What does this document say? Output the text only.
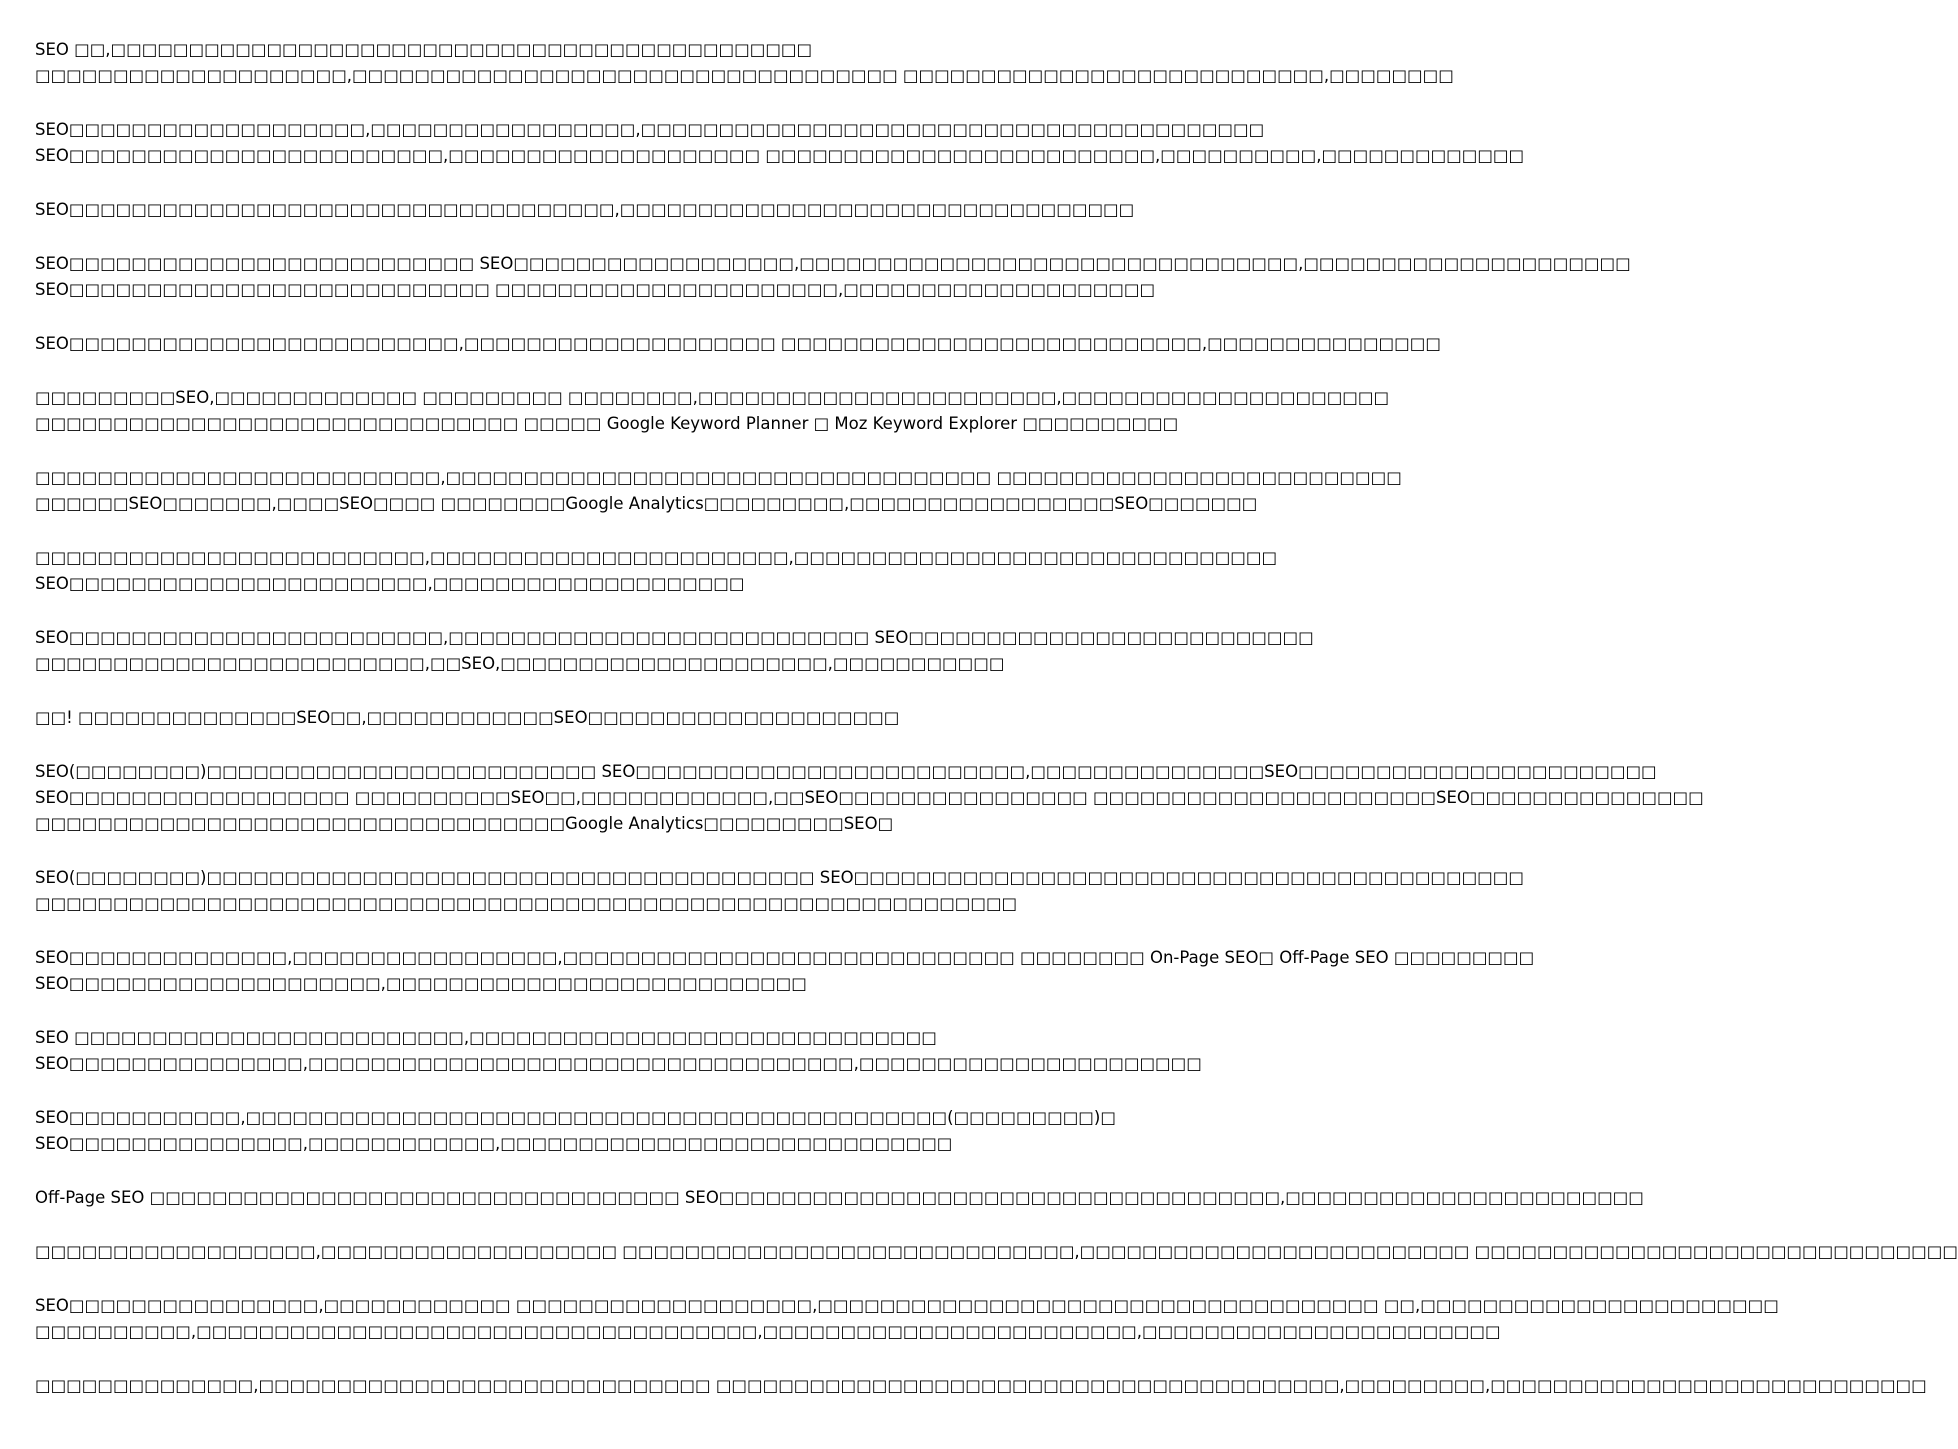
SEO □□,□□□□□□□□□□□□□□□□□□□□□□□□□□□□□□□□□□□□□□□□□□□□□
□□□□□□□□□□□□□□□□□□□□,□□□□□□□□□□□□□□□□□□□□□□□□□□□□□□□□□□□ □□□□□□□□□□□□□□□□□□□□□□□□□□□,□□□□□□□□
SEO□□□□□□□□□□□□□□□□□□□,□□□□□□□□□□□□□□□□□,□□□□□□□□□□□□□□□□□□□□□□□□□□□□□□□□□□□□□□□□
SEO□□□□□□□□□□□□□□□□□□□□□□□□,□□□□□□□□□□□□□□□□□□□□ □□□□□□□□□□□□□□□□□□□□□□□□□,□□□□□□□□□□,□□□□□□□□□□□□□
SEO□□□□□□□□□□□□□□□□□□□□□□□□□□□□□□□□□□□,□□□□□□□□□□□□□□□□□□□□□□□□□□□□□□□□□
SEO□□□□□□□□□□□□□□□□□□□□□□□□□□ SEO□□□□□□□□□□□□□□□□□□,□□□□□□□□□□□□□□□□□□□□□□□□□□□□□□□□,□□□□□□□□□□□□□□□□□□□□□
SEO□□□□□□□□□□□□□□□□□□□□□□□□□□□ □□□□□□□□□□□□□□□□□□□□□□,□□□□□□□□□□□□□□□□□□□□
SEO□□□□□□□□□□□□□□□□□□□□□□□□□,□□□□□□□□□□□□□□□□□□□□ □□□□□□□□□□□□□□□□□□□□□□□□□□□,□□□□□□□□□□□□□□□
□□□□□□□□□SEO,□□□□□□□□□□□□□ □□□□□□□□□ □□□□□□□□,□□□□□□□□□□□□□□□□□□□□□□□,□□□□□□□□□□□□□□□□□□□□□
□□□□□□□□□□□□□□□□□□□□□□□□□□□□□□□ □□□□□ Google Keyword Planner □ Moz Keyword Explorer □□□□□□□□□□
□□□□□□□□□□□□□□□□□□□□□□□□□□,□□□□□□□□□□□□□□□□□□□□□□□□□□□□□□□□□□□ □□□□□□□□□□□□□□□□□□□□□□□□□□
□□□□□□SEO□□□□□□□,□□□□SEO□□□□ □□□□□□□□Google Analytics□□□□□□□□□,□□□□□□□□□□□□□□□□□SEO□□□□□□□
□□□□□□□□□□□□□□□□□□□□□□□□□,□□□□□□□□□□□□□□□□□□□□□□□,□□□□□□□□□□□□□□□□□□□□□□□□□□□□□□□
SEO□□□□□□□□□□□□□□□□□□□□□□□,□□□□□□□□□□□□□□□□□□□□
SEO□□□□□□□□□□□□□□□□□□□□□□□□,□□□□□□□□□□□□□□□□□□□□□□□□□□□ SEO□□□□□□□□□□□□□□□□□□□□□□□□□□
□□□□□□□□□□□□□□□□□□□□□□□□□,□□SEO,□□□□□□□□□□□□□□□□□□□□□,□□□□□□□□□□□
□□! □□□□□□□□□□□□□□SEO□□,□□□□□□□□□□□□SEO□□□□□□□□□□□□□□□□□□□□
SEO(□□□□□□□□)□□□□□□□□□□□□□□□□□□□□□□□□□ SEO□□□□□□□□□□□□□□□□□□□□□□□□□,□□□□□□□□□□□□□□□SEO□□□□□□□□□□□□□□□□□□□□□□□
SEO□□□□□□□□□□□□□□□□□□ □□□□□□□□□□SEO□□,□□□□□□□□□□□□,□□SEO□□□□□□□□□□□□□□□□ □□□□□□□□□□□□□□□□□□□□□□SEO□□□□□□□□□□□□□□□
□□□□□□□□□□□□□□□□□□□□□□□□□□□□□□□□□□Google Analytics□□□□□□□□□SEO□
SEO(□□□□□□□□)□□□□□□□□□□□□□□□□□□□□□□□□□□□□□□□□□□□□□□□ SEO□□□□□□□□□□□□□□□□□□□□□□□□□□□□□□□□□□□□□□□□□□□
□□□□□□□□□□□□□□□□□□□□□□□□□□□□□□□□□□□□□□□□□□□□□□□□□□□□□□□□□□□□□□□
SEO□□□□□□□□□□□□□□,□□□□□□□□□□□□□□□□□,□□□□□□□□□□□□□□□□□□□□□□□□□□□□□ □□□□□□□□ On-Page SEO□ Off-Page SEO □□□□□□□□□
SEO□□□□□□□□□□□□□□□□□□□□,□□□□□□□□□□□□□□□□□□□□□□□□□□□
SEO □□□□□□□□□□□□□□□□□□□□□□□□□,□□□□□□□□□□□□□□□□□□□□□□□□□□□□□□
SEO□□□□□□□□□□□□□□□,□□□□□□□□□□□□□□□□□□□□□□□□□□□□□□□□□□□,□□□□□□□□□□□□□□□□□□□□□□
SEO□□□□□□□□□□□,□□□□□□□□□□□□□□□□□□□□□□□□□□□□□□□□□□□□□□□□□□□□□(□□□□□□□□□)□
SEO□□□□□□□□□□□□□□□,□□□□□□□□□□□□,□□□□□□□□□□□□□□□□□□□□□□□□□□□□□
Off-Page SEO □□□□□□□□□□□□□□□□□□□□□□□□□□□□□□□□□□ SEO□□□□□□□□□□□□□□□□□□□□□□□□□□□□□□□□□□□□,□□□□□□□□□□□□□□□□□□□□□□□
□□□□□□□□□□□□□□□□□□,□□□□□□□□□□□□□□□□□□□ □□□□□□□□□□□□□□□□□□□□□□□□□□□□□,□□□□□□□□□□□□□□□□□□□□□□□□□ □□□□□□□□□□□□□□□□□□□□□□□□□□□□□□□
SEO□□□□□□□□□□□□□□□□,□□□□□□□□□□□□ □□□□□□□□□□□□□□□□□□□,□□□□□□□□□□□□□□□□□□□□□□□□□□□□□□□□□□□□ □□,□□□□□□□□□□□□□□□□□□□□□□□
□□□□□□□□□□,□□□□□□□□□□□□□□□□□□□□□□□□□□□□□□□□□□□□,□□□□□□□□□□□□□□□□□□□□□□□□,□□□□□□□□□□□□□□□□□□□□□□□
□□□□□□□□□□□□□□,□□□□□□□□□□□□□□□□□□□□□□□□□□□□□ □□□□□□□□□□□□□□□□□□□□□□□□□□□□□□□□□□□□□□□□,□□□□□□□□□,□□□□□□□□□□□□□□□□□□□□□□□□□□□□
